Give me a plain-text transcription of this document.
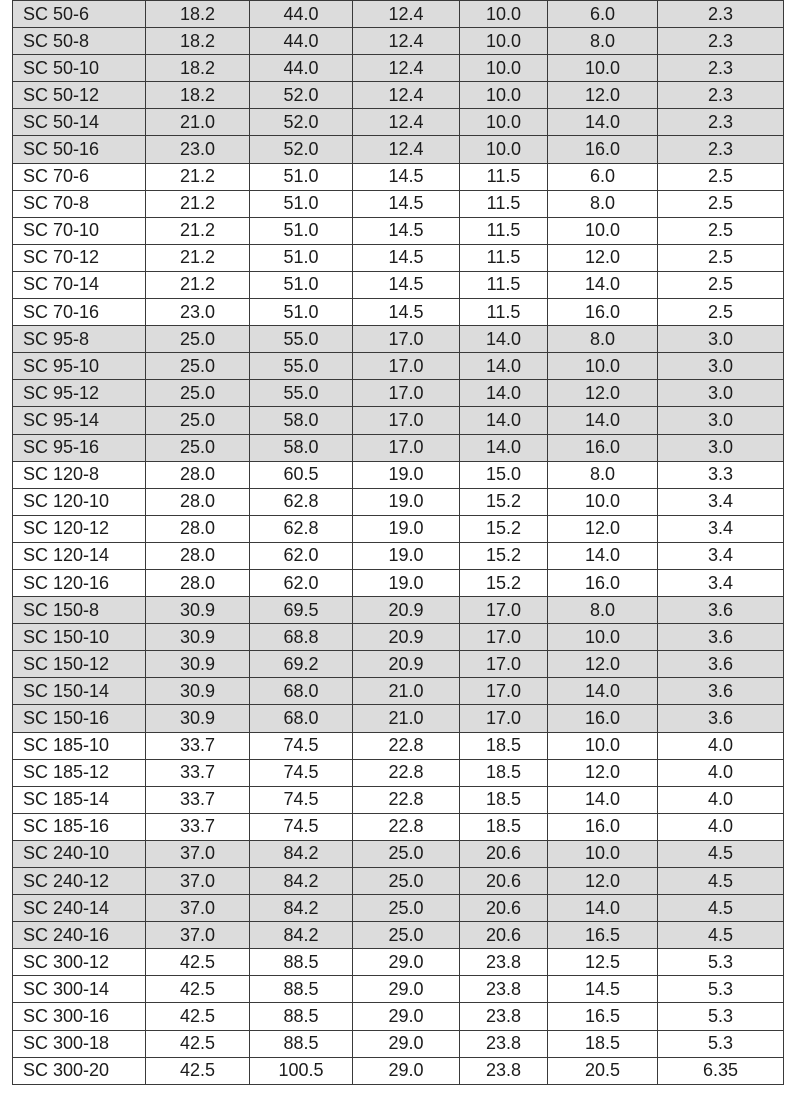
SC 50-6	18.2	44.0	12.4	10.0	6.0	2.3
SC 50-8	18.2	44.0	12.4	10.0	8.0	2.3
SC 50-10	18.2	44.0	12.4	10.0	10.0	2.3
SC 50-12	18.2	52.0	12.4	10.0	12.0	2.3
SC 50-14	21.0	52.0	12.4	10.0	14.0	2.3
SC 50-16	23.0	52.0	12.4	10.0	16.0	2.3
SC 70-6	21.2	51.0	14.5	11.5	6.0	2.5
SC 70-8	21.2	51.0	14.5	11.5	8.0	2.5
SC 70-10	21.2	51.0	14.5	11.5	10.0	2.5
SC 70-12	21.2	51.0	14.5	11.5	12.0	2.5
SC 70-14	21.2	51.0	14.5	11.5	14.0	2.5
SC 70-16	23.0	51.0	14.5	11.5	16.0	2.5
SC 95-8	25.0	55.0	17.0	14.0	8.0	3.0
SC 95-10	25.0	55.0	17.0	14.0	10.0	3.0
SC 95-12	25.0	55.0	17.0	14.0	12.0	3.0
SC 95-14	25.0	58.0	17.0	14.0	14.0	3.0
SC 95-16	25.0	58.0	17.0	14.0	16.0	3.0
SC 120-8	28.0	60.5	19.0	15.0	8.0	3.3
SC 120-10	28.0	62.8	19.0	15.2	10.0	3.4
SC 120-12	28.0	62.8	19.0	15.2	12.0	3.4
SC 120-14	28.0	62.0	19.0	15.2	14.0	3.4
SC 120-16	28.0	62.0	19.0	15.2	16.0	3.4
SC 150-8	30.9	69.5	20.9	17.0	8.0	3.6
SC 150-10	30.9	68.8	20.9	17.0	10.0	3.6
SC 150-12	30.9	69.2	20.9	17.0	12.0	3.6
SC 150-14	30.9	68.0	21.0	17.0	14.0	3.6
SC 150-16	30.9	68.0	21.0	17.0	16.0	3.6
SC 185-10	33.7	74.5	22.8	18.5	10.0	4.0
SC 185-12	33.7	74.5	22.8	18.5	12.0	4.0
SC 185-14	33.7	74.5	22.8	18.5	14.0	4.0
SC 185-16	33.7	74.5	22.8	18.5	16.0	4.0
SC 240-10	37.0	84.2	25.0	20.6	10.0	4.5
SC 240-12	37.0	84.2	25.0	20.6	12.0	4.5
SC 240-14	37.0	84.2	25.0	20.6	14.0	4.5
SC 240-16	37.0	84.2	25.0	20.6	16.5	4.5
SC 300-12	42.5	88.5	29.0	23.8	12.5	5.3
SC 300-14	42.5	88.5	29.0	23.8	14.5	5.3
SC 300-16	42.5	88.5	29.0	23.8	16.5	5.3
SC 300-18	42.5	88.5	29.0	23.8	18.5	5.3
SC 300-20	42.5	100.5	29.0	23.8	20.5	6.35
